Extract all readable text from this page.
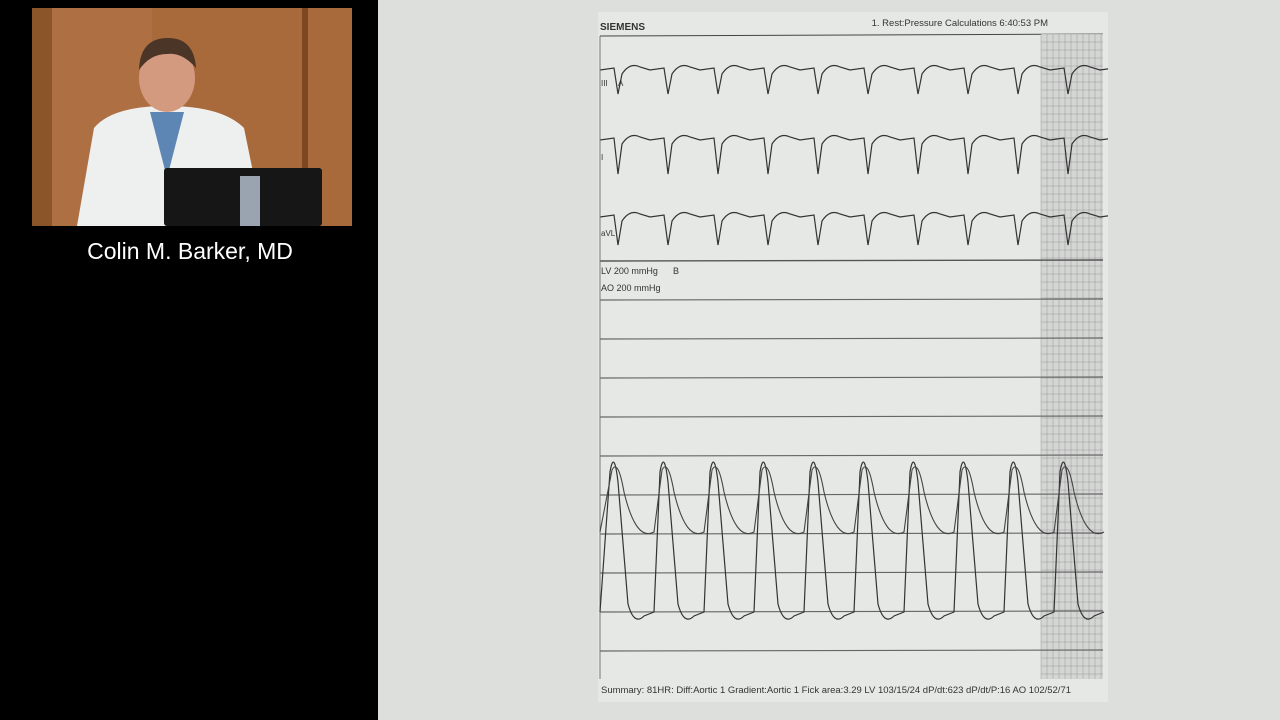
Colin M. Barker, MD
SIEMENS	1. Rest:Pressure Calculations 6:40:53 PM
III A
I
aVL
LV 200 mmHg B
AO 200 mmHg
Summary: 81HR: Diff:Aortic 1 Gradient:Aortic 1 Fick area:3.29 LV 103/15/24 dP/dt:623 dP/dt/P:16 AO 102/52/71
